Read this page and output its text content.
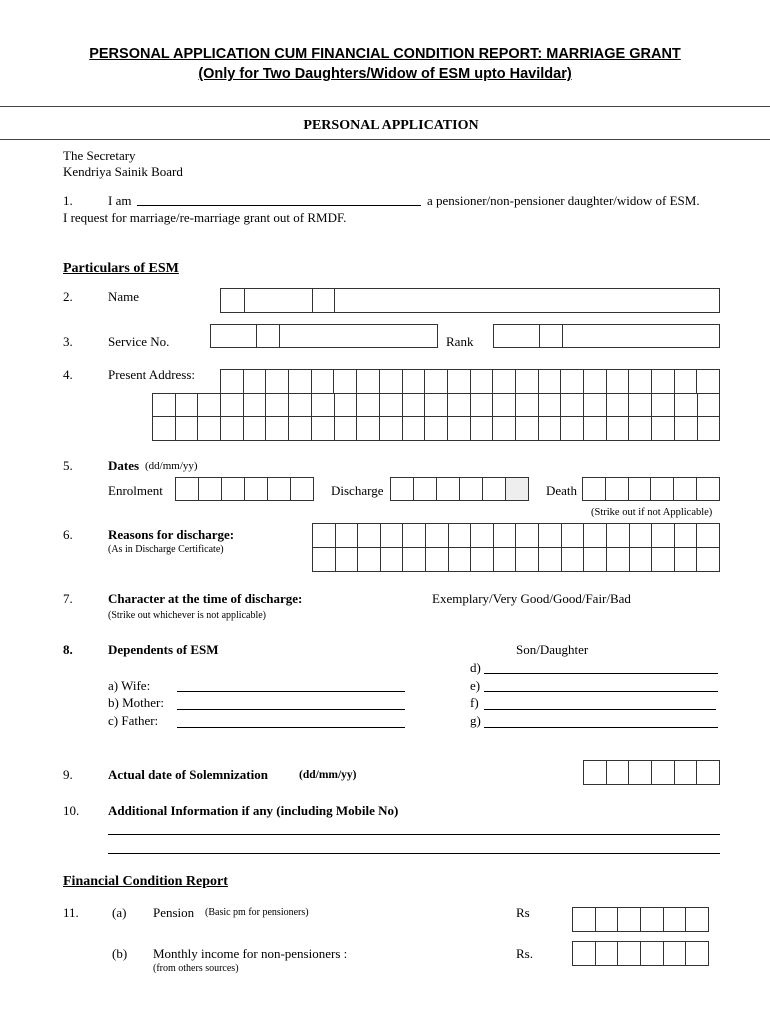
PERSONAL APPLICATION CUM FINANCIAL CONDITION REPORT: MARRIAGE GRANT
(Only for Two Daughters/Widow of ESM upto Havildar)
PERSONAL APPLICATION
The Secretary
Kendriya Sainik Board
1.	I am	a pensioner/non-pensioner daughter/widow of ESM.
I request for marriage/re-marriage grant out of RMDF.
Particulars of ESM
2.	Name
3.	Service No.	Rank
4.	Present Address:
5.	Dates (dd/mm/yy)
Enrolment	Discharge	Death
(Strike out if not Applicable)
6.	Reasons for discharge:
(As in Discharge Certificate)
7.	Character at the time of discharge:
(Strike out whichever is not applicable)
Exemplary/Very Good/Good/Fair/Bad
8.	Dependents of ESM	Son/Daughter
a) Wife:
b) Mother:
c) Father:
d)
e)
f)
g)
9.	Actual date of Solemnization	(dd/mm/yy)
10. Additional Information if any (including Mobile No)
Financial Condition Report
11.	(a) Pension (Basic pm for pensioners)	Rs
(b) Monthly income for non-pensioners :
(from others sources)
Rs.
